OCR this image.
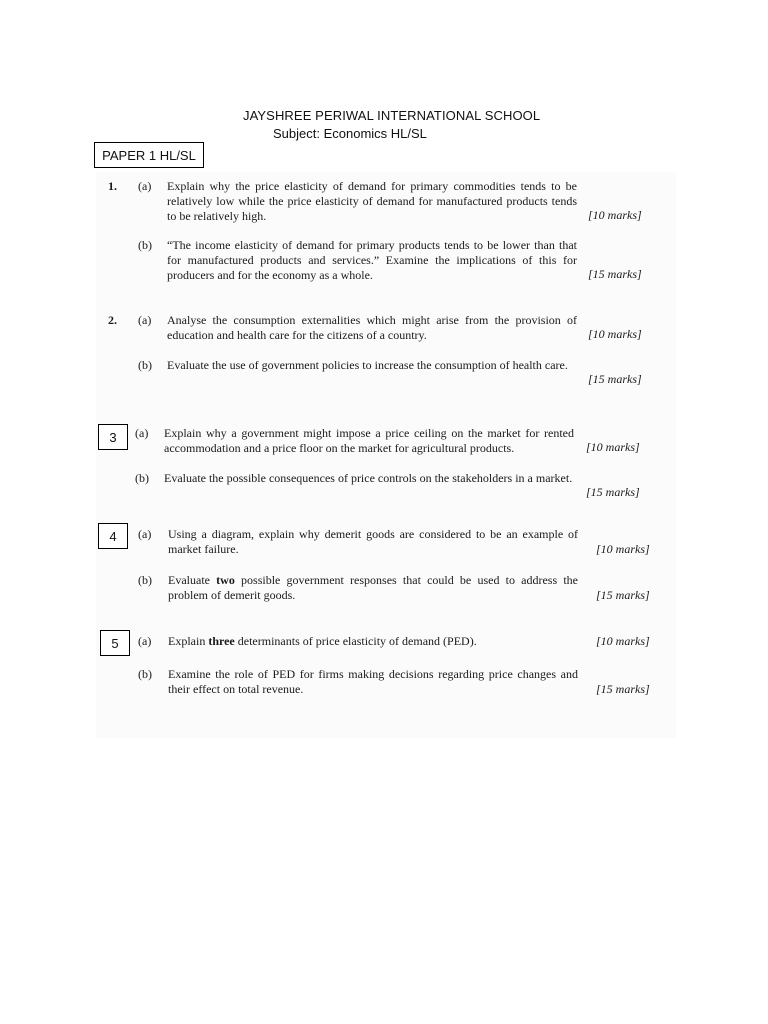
JAYSHREE PERIWAL INTERNATIONAL SCHOOL
Subject: Economics HL/SL
PAPER 1 HL/SL
1. (a) Explain why the price elasticity of demand for primary commodities tends to be relatively low while the price elasticity of demand for manufactured products tends to be relatively high.	[10 marks]
(b) “The income elasticity of demand for primary products tends to be lower than that for manufactured products and services.” Examine the implications of this for producers and for the economy as a whole.	[15 marks]
2. (a) Analyse the consumption externalities which might arise from the provision of education and health care for the citizens of a country.	[10 marks]
(b) Evaluate the use of government policies to increase the consumption of health care.
[15 marks]
3	(a) Explain why a government might impose a price ceiling on the market for rented accommodation and a price floor on the market for agricultural products.	[10 marks]
(b) Evaluate the possible consequences of price controls on the stakeholders in a market.
[15 marks]
4	(a) Using a diagram, explain why demerit goods are considered to be an example of market failure.	[10 marks]
(b) Evaluate two possible government responses that could be used to address the problem of demerit goods.	[15 marks]
5	(a) Explain three determinants of price elasticity of demand (PED).	[10 marks]
(b) Examine the role of PED for firms making decisions regarding price changes and their effect on total revenue.	[15 marks]
